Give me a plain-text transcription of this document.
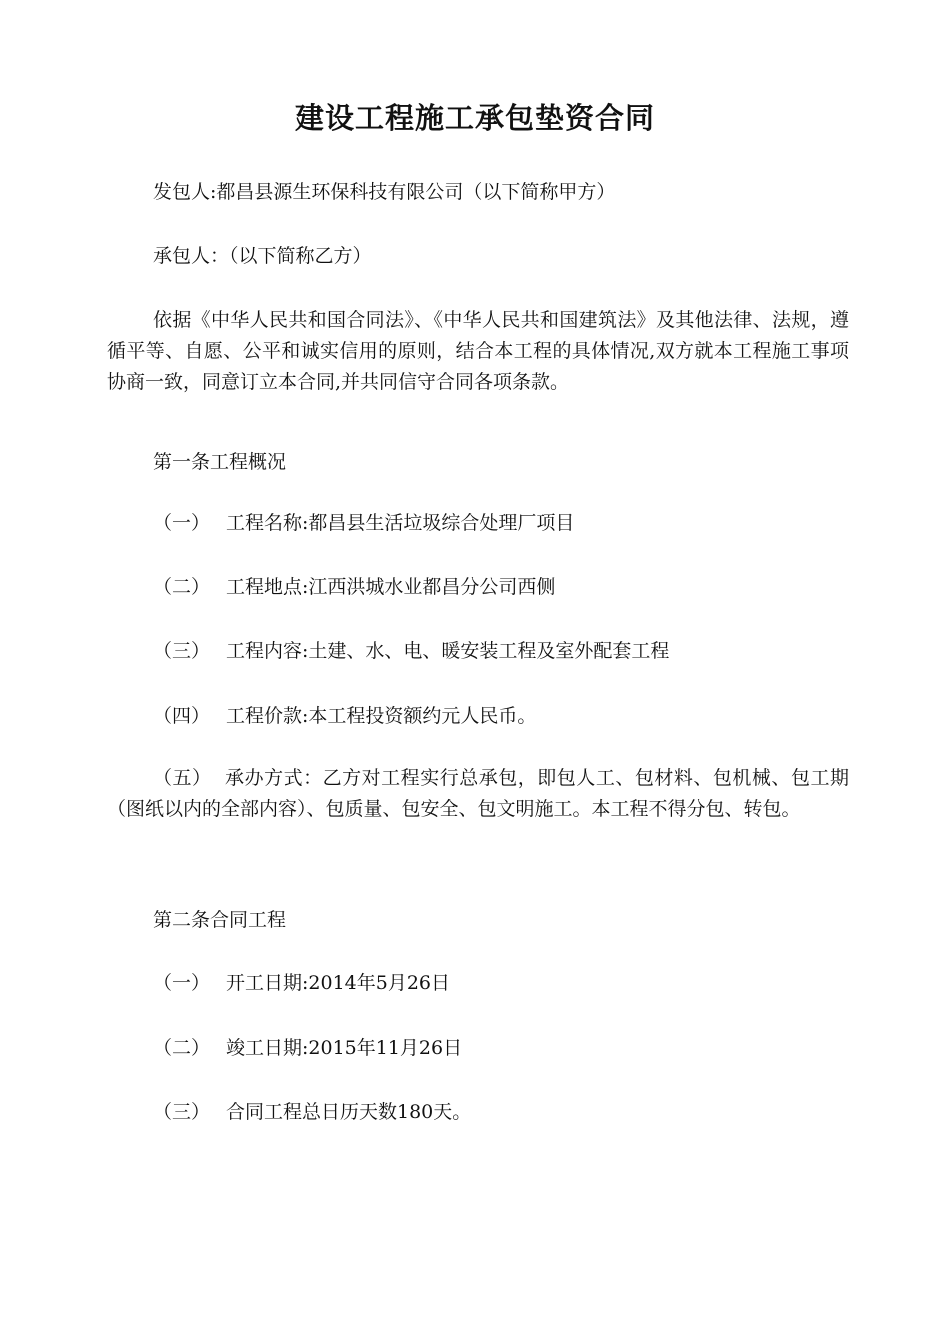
建设工程施工承包垫资合同

发包人:都昌县源生环保科技有限公司（以下简称甲方）

承包人：（以下简称乙方）

依据《中华人民共和国合同法》、《中华人民共和国建筑法》及其他法律、法规，遵循平等、自愿、公平和诚实信用的原则，结合本工程的具体情况,双方就本工程施工事项协商一致，同意订立本合同,并共同信守合同各项条款。

第一条工程概况

（一） 工程名称:都昌县生活垃圾综合处理厂项目

（二） 工程地点:江西洪城水业都昌分公司西侧

（三） 工程内容:土建、水、电、暖安装工程及室外配套工程

（四） 工程价款:本工程投资额约元人民币。

（五） 承办方式：乙方对工程实行总承包，即包人工、包材料、包机械、包工期 （图纸以内的全部内容）、包质量、包安全、包文明施工。本工程不得分包、转包。

第二条合同工程

（一） 开工日期:2014年5月26日

（二） 竣工日期:2015年11月26日

（三） 合同工程总日历天数180天。
